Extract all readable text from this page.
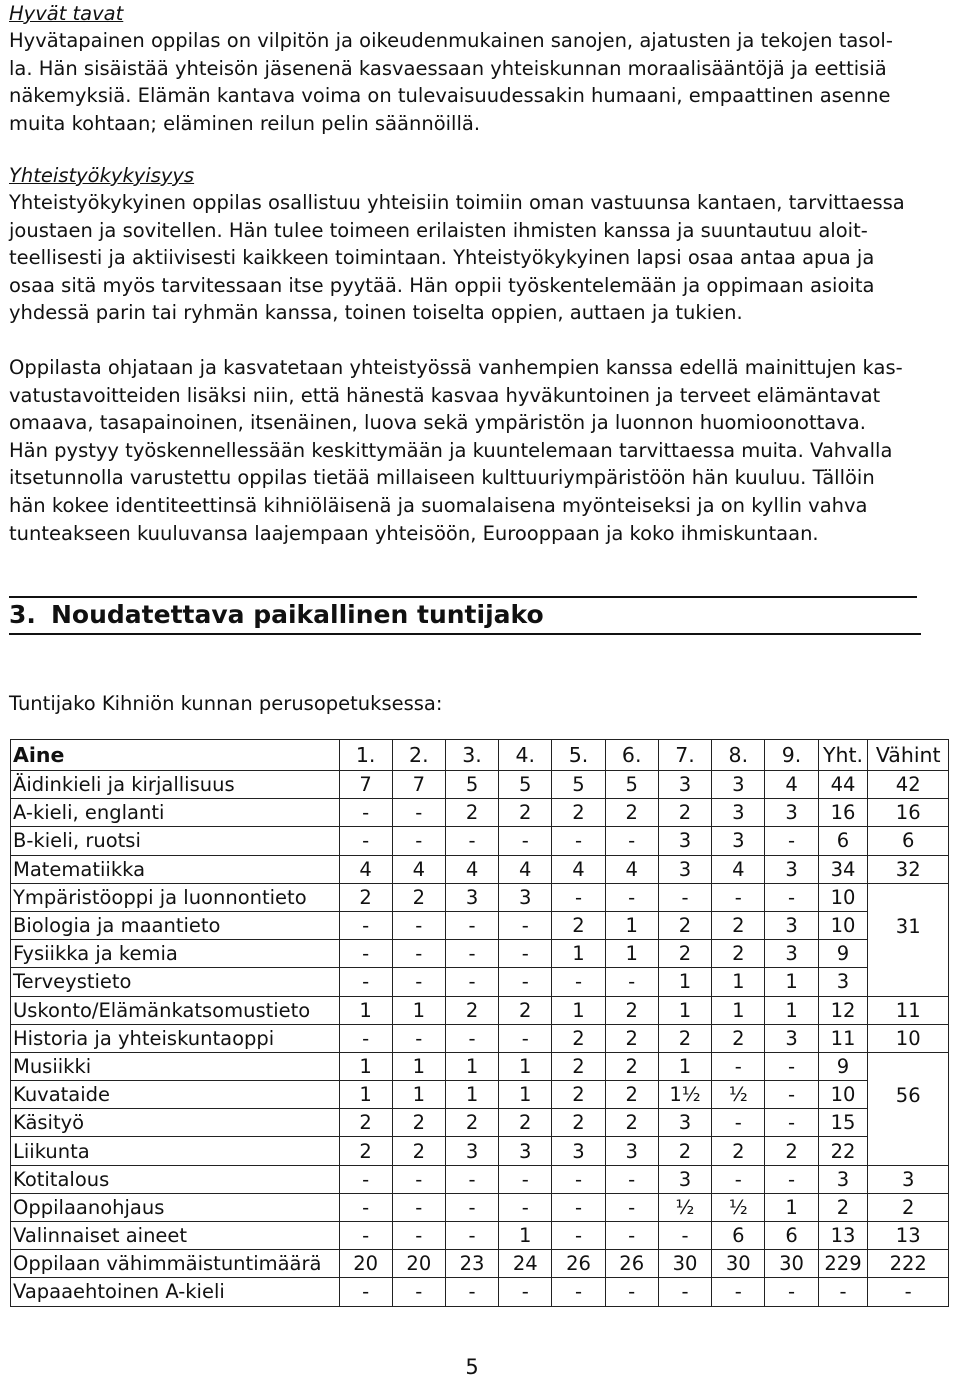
Hyvät tavat

Hyvätapainen oppilas on vilpitön ja oikeudenmukainen sanojen, ajatusten ja tekojen tasol-

la. Hän sisäistää yhteisön jäsenenä kasvaessaan yhteiskunnan moraalisääntöjä ja eettisiä

näkemyksiä. Elämän kantava voima on tulevaisuudessakin humaani, empaattinen asenne

muita kohtaan; eläminen reilun pelin säännöillä.

Yhteistyökykyisyys

Yhteistyökykyinen oppilas osallistuu yhteisiin toimiin oman vastuunsa kantaen, tarvittaessa

joustaen ja sovitellen. Hän tulee toimeen erilaisten ihmisten kanssa ja suuntautuu aloit-

teellisesti ja aktiivisesti kaikkeen toimintaan. Yhteistyökykyinen lapsi osaa antaa apua ja

osaa sitä myös tarvitessaan itse pyytää. Hän oppii työskentelemään ja oppimaan asioita

yhdessä parin tai ryhmän kanssa, toinen toiselta oppien, auttaen ja tukien.

Oppilasta ohjataan ja kasvatetaan yhteistyössä vanhempien kanssa edellä mainittujen kas-

vatustavoitteiden lisäksi niin, että hänestä kasvaa hyväkuntoinen ja terveet elämäntavat

omaava, tasapainoinen, itsenäinen, luova sekä ympäristön ja luonnon huomioonottava.

Hän pystyy työskennellessään keskittymään ja kuuntelemaan tarvittaessa muita. Vahvalla

itsetunnolla varustettu oppilas tietää millaiseen kulttuuriympäristöön hän kuuluu. Tällöin

hän kokee identiteettinsä kihniöläisenä ja suomalaisena myönteiseksi ja on kyllin vahva

tunteakseen kuuluvansa laajempaan yhteisöön, Eurooppaan ja koko ihmiskuntaan.

3. Noudatettava paikallinen tuntijako
Tuntijako Kihniön kunnan perusopetuksessa:
Aine	1.	2.	3.	4.	5.	6.	7.	8.	9.	Yht.	Vähint
Äidinkieli ja kirjallisuus	7	7	5	5	5	5	3	3	4	44	42
A-kieli, englanti	-	-	2	2	2	2	2	3	3	16	16
B-kieli, ruotsi	-	-	-	-	-	-	3	3	-	6	6
Matematiikka	4	4	4	4	4	4	3	4	3	34	32
Ympäristöoppi ja luonnontieto	2	2	3	3	-	-	-	-	-	10	
Biologia ja maantieto	-	-	-	-	2	1	2	2	3	10	31
Fysiikka ja kemia	-	-	-	-	1	1	2	2	3	9	
Terveystieto	-	-	-	-	-	-	1	1	1	3	
Uskonto/Elämänkatsomustieto	1	1	2	2	1	2	1	1	1	12	11
Historia ja yhteiskuntaoppi	-	-	-	-	2	2	2	2	3	11	10
Musiikki	1	1	1	1	2	2	1	-	-	9	
Kuvataide	1	1	1	1	2	2	1½	½	-	10	56
Käsityö	2	2	2	2	2	2	3	-	-	15	
Liikunta	2	2	3	3	3	3	2	2	2	22	
Kotitalous	-	-	-	-	-	-	3	-	-	3	3
Oppilaanohjaus	-	-	-	-	-	-	½	½	1	2	2
Valinnaiset aineet	-	-	-	1	-	-	-	6	6	13	13
Oppilaan vähimmäistuntimäärä	20	20	23	24	26	26	30	30	30	229	222
Vapaaehtoinen A-kieli	-	-	-	-	-	-	-	-	-	-	-
5
